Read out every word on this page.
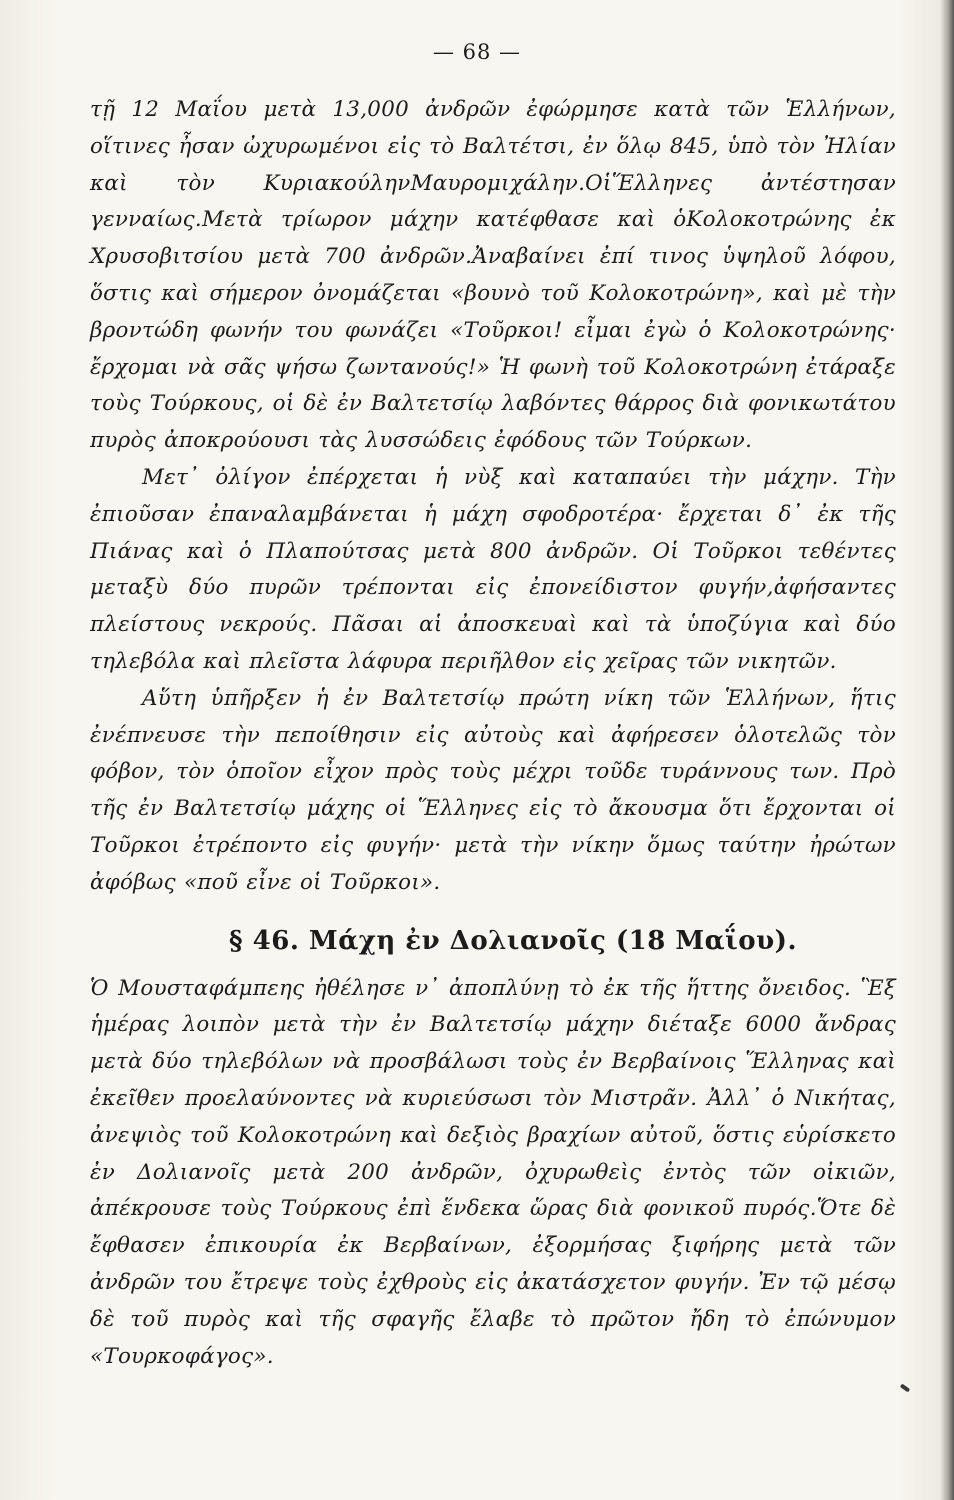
— 68 —

τῇ 12 Μαΐου μετὰ 13,000 ἀνδρῶν ἐφώρμησε κατὰ τῶν Ἑλλήνων, οἵτινες ἦσαν ὠχυρωμένοι εἰς τὸ Βαλτέτσι, ἐν ὅλῳ 845, ὑπὸ τὸν Ἠλίαν καὶ τὸν ΚυριακούληνΜαυρομιχάλην.ΟἱἝλληνες ἀντέστησαν γενναίως.Μετὰ τρίωρον μάχην κατέφθασε καὶ ὁΚολοκοτρώνης ἐκ Χρυσοβιτσίου μετὰ 700 ἀνδρῶν.Ἀναβαίνει ἐπί τινος ὑψηλοῦ λόφου, ὅστις καὶ σήμερον ὀνομάζεται «βουνὸ τοῦ Κολοκοτρώνη», καὶ μὲ τὴν βροντώδη φωνήν του φωνάζει «Τοῦρκοι! εἶμαι ἐγὼ ὁ Κολοκοτρώνης· ἔρχομαι νὰ σᾶς ψήσω ζωντανούς!» Ἡ φωνὴ τοῦ Κολοκοτρώνη ἐτάραξε τοὺς Τούρκους, οἱ δὲ ἐν Βαλτετσίῳ λαβόντες θάρρος διὰ φονικωτάτου πυρὸς ἀποκρούουσι τὰς λυσσώδεις ἐφόδους τῶν Τούρκων.

Μετ᾿ ὀλίγον ἐπέρχεται ἡ νὺξ καὶ καταπαύει τὴν μάχην. Τὴν ἐπιοῦσαν ἐπαναλαμβάνεται ἡ μάχη σφοδροτέρα· ἔρχεται δ᾿ ἐκ τῆς Πιάνας καὶ ὁ Πλαπούτσας μετὰ 800 ἀνδρῶν. Οἱ Τοῦρκοι τεθέντες μεταξὺ δύο πυρῶν τρέπονται εἰς ἐπονείδιστον φυγήν,ἀφήσαντες πλείστους νεκρούς. Πᾶσαι αἱ ἀποσκευαὶ καὶ τὰ ὑποζύγια καὶ δύο τηλεβόλα καὶ πλεῖστα λάφυρα περιῆλθον εἰς χεῖρας τῶν νικητῶν.

Αὕτη ὑπῆρξεν ἡ ἐν Βαλτετσίῳ πρώτη νίκη τῶν Ἑλλήνων, ἥτις ἐνέπνευσε τὴν πεποίθησιν εἰς αὐτοὺς καὶ ἀφήρεσεν ὁλοτελῶς τὸν φόβον, τὸν ὁποῖον εἶχον πρὸς τοὺς μέχρι τοῦδε τυράννους των. Πρὸ τῆς ἐν Βαλτετσίῳ μάχης οἱ Ἕλληνες εἰς τὸ ἄκουσμα ὅτι ἔρχονται οἱ Τοῦρκοι ἐτρέποντο εἰς φυγήν· μετὰ τὴν νίκην ὅμως ταύτην ἠρώτων ἀφόβως «ποῦ εἶνε οἱ Τοῦρκοι».

§ 46. Μάχη ἐν Δολιανοῖς (18 Μαΐου).

Ὁ Μουσταφάμπεης ἠθέλησε ν᾿ ἀποπλύνῃ τὸ ἐκ τῆς ἥττης ὄνειδος. Ἓξ ἡμέρας λοιπὸν μετὰ τὴν ἐν Βαλτετσίῳ μάχην διέταξε 6000 ἄνδρας μετὰ δύο τηλεβόλων νὰ προσβάλωσι τοὺς ἐν Βερβαίνοις Ἕλληνας καὶ ἐκεῖθεν προελαύνοντες νὰ κυριεύσωσι τὸν Μιστρᾶν. Ἀλλ᾿ ὁ Νικήτας, ἀνεψιὸς τοῦ Κολοκοτρώνη καὶ δεξιὸς βραχίων αὐτοῦ, ὅστις εὑρίσκετο ἐν Δολιανοῖς μετὰ 200 ἀνδρῶν, ὀχυρωθεὶς ἐντὸς τῶν οἰκιῶν, ἀπέκρουσε τοὺς Τούρκους ἐπὶ ἕνδεκα ὥρας διὰ φονικοῦ πυρός.Ὅτε δὲ ἔφθασεν ἐπικουρία ἐκ Βερβαίνων, ἐξορμήσας ξιφήρης μετὰ τῶν ἀνδρῶν του ἔτρεψε τοὺς ἐχθροὺς εἰς ἀκατάσχετον φυγήν. Ἐν τῷ μέσῳ δὲ τοῦ πυρὸς καὶ τῆς σφαγῆς ἔλαβε τὸ πρῶτον ἤδη τὸ ἐπώνυμον «Τουρκοφάγος».
